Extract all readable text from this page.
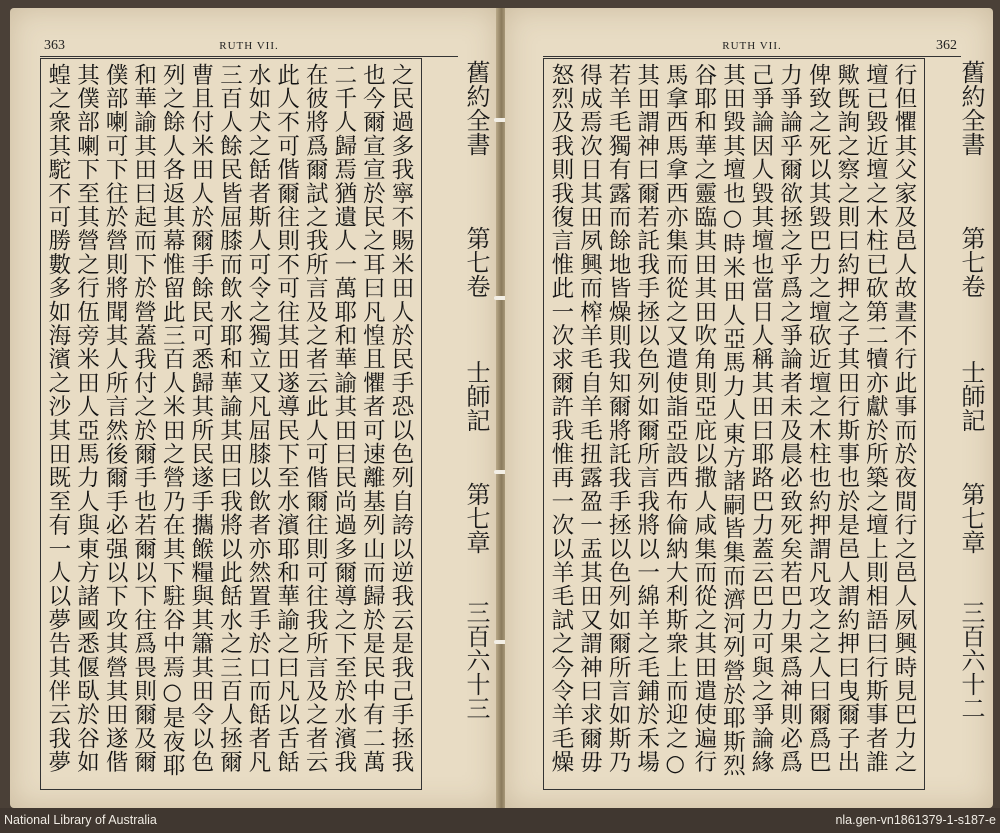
363	RUTH VII.
之民過多我寧不賜米田人於民手恐以色列自誇以逆我云是我己手拯我也今爾宣宣於民之耳曰凡惶且懼者可速離基列山而歸於是民中有二萬二千人歸焉猶遺人一萬耶和華諭其田曰民尚過多爾導之下至於水濱我在彼將爲爾試之我所言及之者云此人可偕爾往則可往我所言及之者云此人不可偕爾往則不可往其田遂導民下至水濱耶和華諭之曰凡以舌餂水如犬之餂者斯人可令之獨立又凡屈膝以飲者亦然置手於口而餂者凡三百人餘民皆屈膝而飲水耶和華諭其田曰我將以此餂水之三百人拯爾曹且付米田人於爾手餘民可悉歸其所民遂手攜餱糧與其簫其田令以色列之餘人各返其幕惟留此三百人米田之營乃在其下駐谷中焉○是夜耶和華諭其田曰起而下於營蓋我付之於爾手也若爾以下往爲畏則爾及爾僕部喇可下往於營則將聞其人所言然後爾手必强以下攻其營其田遂偕其僕部喇下至其營之行伍旁米田人亞馬力人與東方諸國悉偃臥於谷如蝗之衆其駝不可勝數多如海濱之沙其田既至有一人以夢告其伴云我夢
舊約全書
第七卷
士師記
第七章
三百六十三
362
RUTH VII.
行但懼其父家及邑人故晝不行此事而於夜間行之邑人夙興時見巴力之壇已毀近壇之木柱已砍第二犢亦獻於所築之壇上則相語曰行斯事者誰歟旣詢之察之則曰約押之子其田行斯事也於是邑人謂約押曰曳爾子出俾致之死以其毀巴力之壇砍近壇之木柱也約押謂凡攻之之人曰爾爲巴力爭論乎爾欲拯之乎爲之爭論者未及晨必致死矣若巴力果爲神則必爲己爭論因人毀其壇也當日人稱其田曰耶路巴力蓋云巴力可與之爭論緣其田毀其壇也○時米田人亞馬力人東方諸嗣皆集而濟河列營於耶斯烈谷耶和華之靈臨其田其田吹角則亞庇以撒人咸集而從之其田遣使遍行馬拿西馬拿西亦集而從之又遣使詣亞設西布倫納大利斯衆上而迎之○其田謂神曰爾若託我手拯以色列如爾所言我將以一綿羊之毛鋪於禾場若羊毛獨有露而餘地皆燥則我知爾將託我手拯以色列如爾所言如斯乃得成焉次日其田夙興而榨羊毛自羊毛扭露盈一盂其田又謂神曰求爾毋怒烈及我則我復言惟此一次求爾許我惟再一次以羊毛試之今令羊毛燥
舊約全書
第七卷
士師記
第七章
三百六十二
National Library of Australia	nla.gen-vn1861379-1-s187-e
